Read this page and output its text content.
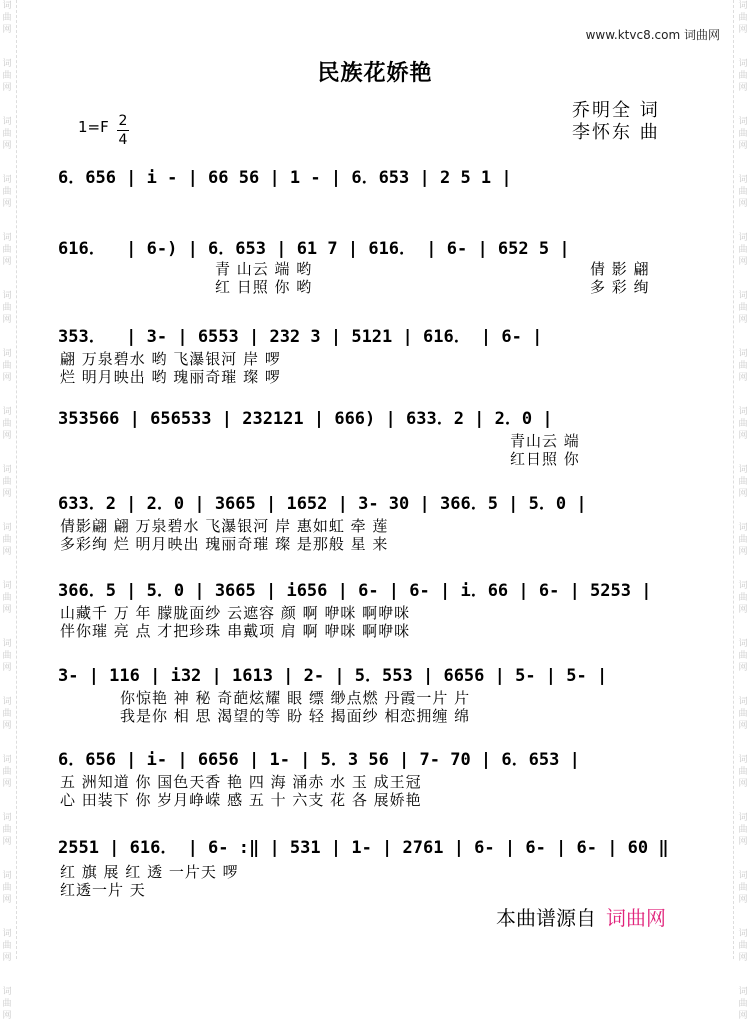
词曲网
词曲网
词曲网
词曲网
词曲网
词曲网
词曲网
词曲网
词曲网
词曲网
词曲网
词曲网
词曲网
词曲网
词曲网
词曲网
词曲网
词曲网
词曲网
词曲网
词曲网
词曲网
词曲网
词曲网
词曲网
词曲网
词曲网
词曲网
词曲网
词曲网
词曲网
词曲网
词曲网
词曲网
词曲网
词曲网
www.ktvc8.com 词曲网
民族花娇艳
1=F 2
4
乔明全 词
李怀东 曲
6．656 | i - | 66 56 | 1 - | 6．653 | 2 5 1 |
616．  | 6-) | 6．653 | 61 7 | 616． | 6- | 652 5 |
青 山云 端 哟
红 日照 你 哟
倩 影 翩
多 彩 绚
353．  | 3- | 6553 | 232 3 | 5121 | 616． | 6- |
翩 万泉碧水 哟 飞瀑银河 岸 啰
烂 明月映出 哟 瑰丽奇璀 璨 啰
353566 | 656533 | 232121 | 666) | 633．2 | 2．0 |
青山云 端
红日照 你
633．2 | 2．0 | 3665 | 1652 | 3- 30 | 366．5 | 5．0 |
倩影翩 翩 万泉碧水 飞瀑银河 岸 惠如虹 牵 莲
多彩绚 烂 明月映出 瑰丽奇璀 璨 是那般 星 来
366．5 | 5．0 | 3665 | i656 | 6- | 6- | i．66 | 6- | 5253 |
山藏千 万 年 朦胧面纱 云遮容 颜 啊 咿咪 啊咿咪
伴你璀 亮 点 才把珍珠 串戴项 肩 啊 咿咪 啊咿咪
3- | 116 | i32 | 1613 | 2- | 5．553 | 6656 | 5- | 5- |
你惊艳 神 秘 奇葩炫耀 眼 缥 缈点燃 丹霞一片 片
我是你 相 思 渴望的等 盼 轻 揭面纱 相恋拥缠 绵
6．656 | i- | 6656 | 1- | 5．3 56 | 7- 70 | 6．653 |
五 洲知道 你 国色天香 艳 四 海 涌赤 水 玉 成王冠
心 田装下 你 岁月峥嵘 感 五 十 六支 花 各 展娇艳
2551 | 616． | 6- :‖ | 531 | 1- | 2761 | 6- | 6- | 6- | 60 ‖
红 旗 展 红 透 一片天 啰
红透一片 天
本曲谱源自 词曲网
